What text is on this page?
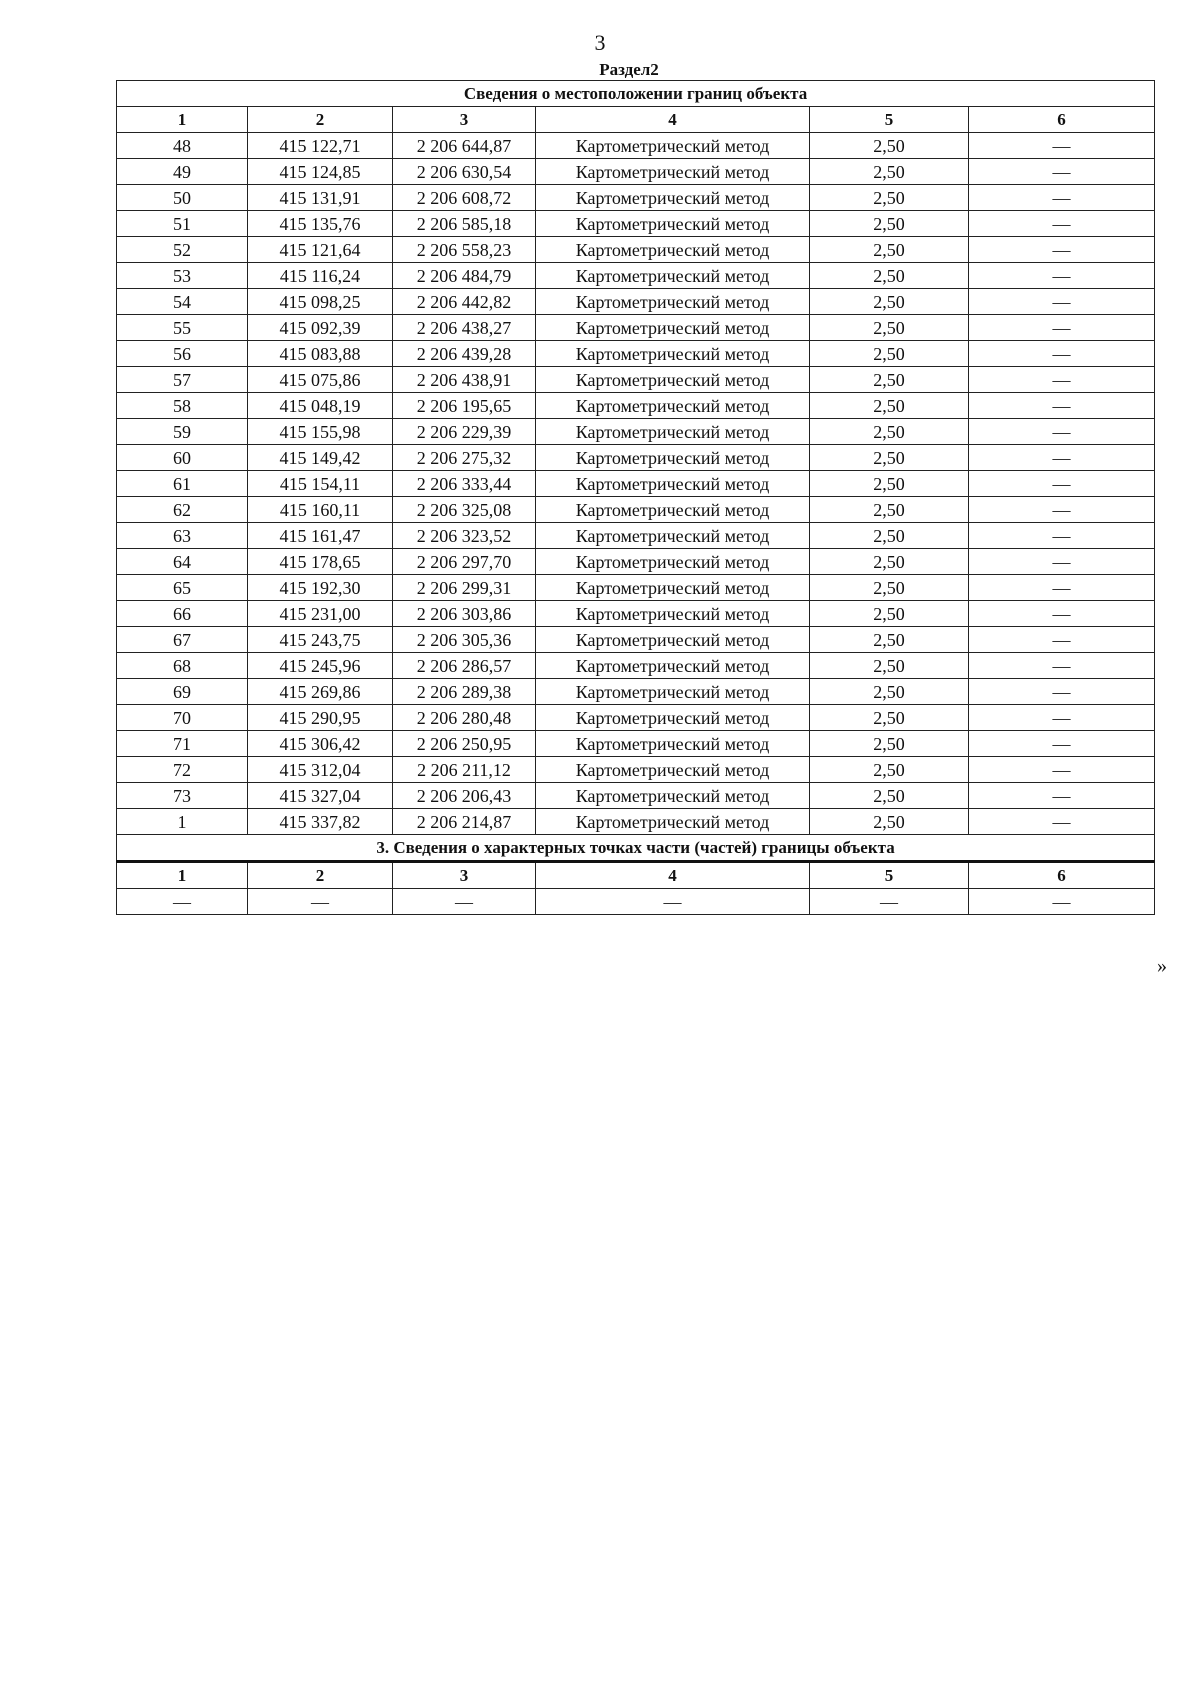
3
Раздел2
Сведения о местоположении границ объекта					
1	2	3	4	5	6
48	415 122,71	2 206 644,87	Картометрический метод	2,50	—
49	415 124,85	2 206 630,54	Картометрический метод	2,50	—
50	415 131,91	2 206 608,72	Картометрический метод	2,50	—
51	415 135,76	2 206 585,18	Картометрический метод	2,50	—
52	415 121,64	2 206 558,23	Картометрический метод	2,50	—
53	415 116,24	2 206 484,79	Картометрический метод	2,50	—
54	415 098,25	2 206 442,82	Картометрический метод	2,50	—
55	415 092,39	2 206 438,27	Картометрический метод	2,50	—
56	415 083,88	2 206 439,28	Картометрический метод	2,50	—
57	415 075,86	2 206 438,91	Картометрический метод	2,50	—
58	415 048,19	2 206 195,65	Картометрический метод	2,50	—
59	415 155,98	2 206 229,39	Картометрический метод	2,50	—
60	415 149,42	2 206 275,32	Картометрический метод	2,50	—
61	415 154,11	2 206 333,44	Картометрический метод	2,50	—
62	415 160,11	2 206 325,08	Картометрический метод	2,50	—
63	415 161,47	2 206 323,52	Картометрический метод	2,50	—
64	415 178,65	2 206 297,70	Картометрический метод	2,50	—
65	415 192,30	2 206 299,31	Картометрический метод	2,50	—
66	415 231,00	2 206 303,86	Картометрический метод	2,50	—
67	415 243,75	2 206 305,36	Картометрический метод	2,50	—
68	415 245,96	2 206 286,57	Картометрический метод	2,50	—
69	415 269,86	2 206 289,38	Картометрический метод	2,50	—
70	415 290,95	2 206 280,48	Картометрический метод	2,50	—
71	415 306,42	2 206 250,95	Картометрический метод	2,50	—
72	415 312,04	2 206 211,12	Картометрический метод	2,50	—
73	415 327,04	2 206 206,43	Картометрический метод	2,50	—
1	415 337,82	2 206 214,87	Картометрический метод	2,50	—
3. Сведения о характерных точках части (частей) границы объекта					
1	2	3	4	5	6
—	—	—	—	—	—
»
